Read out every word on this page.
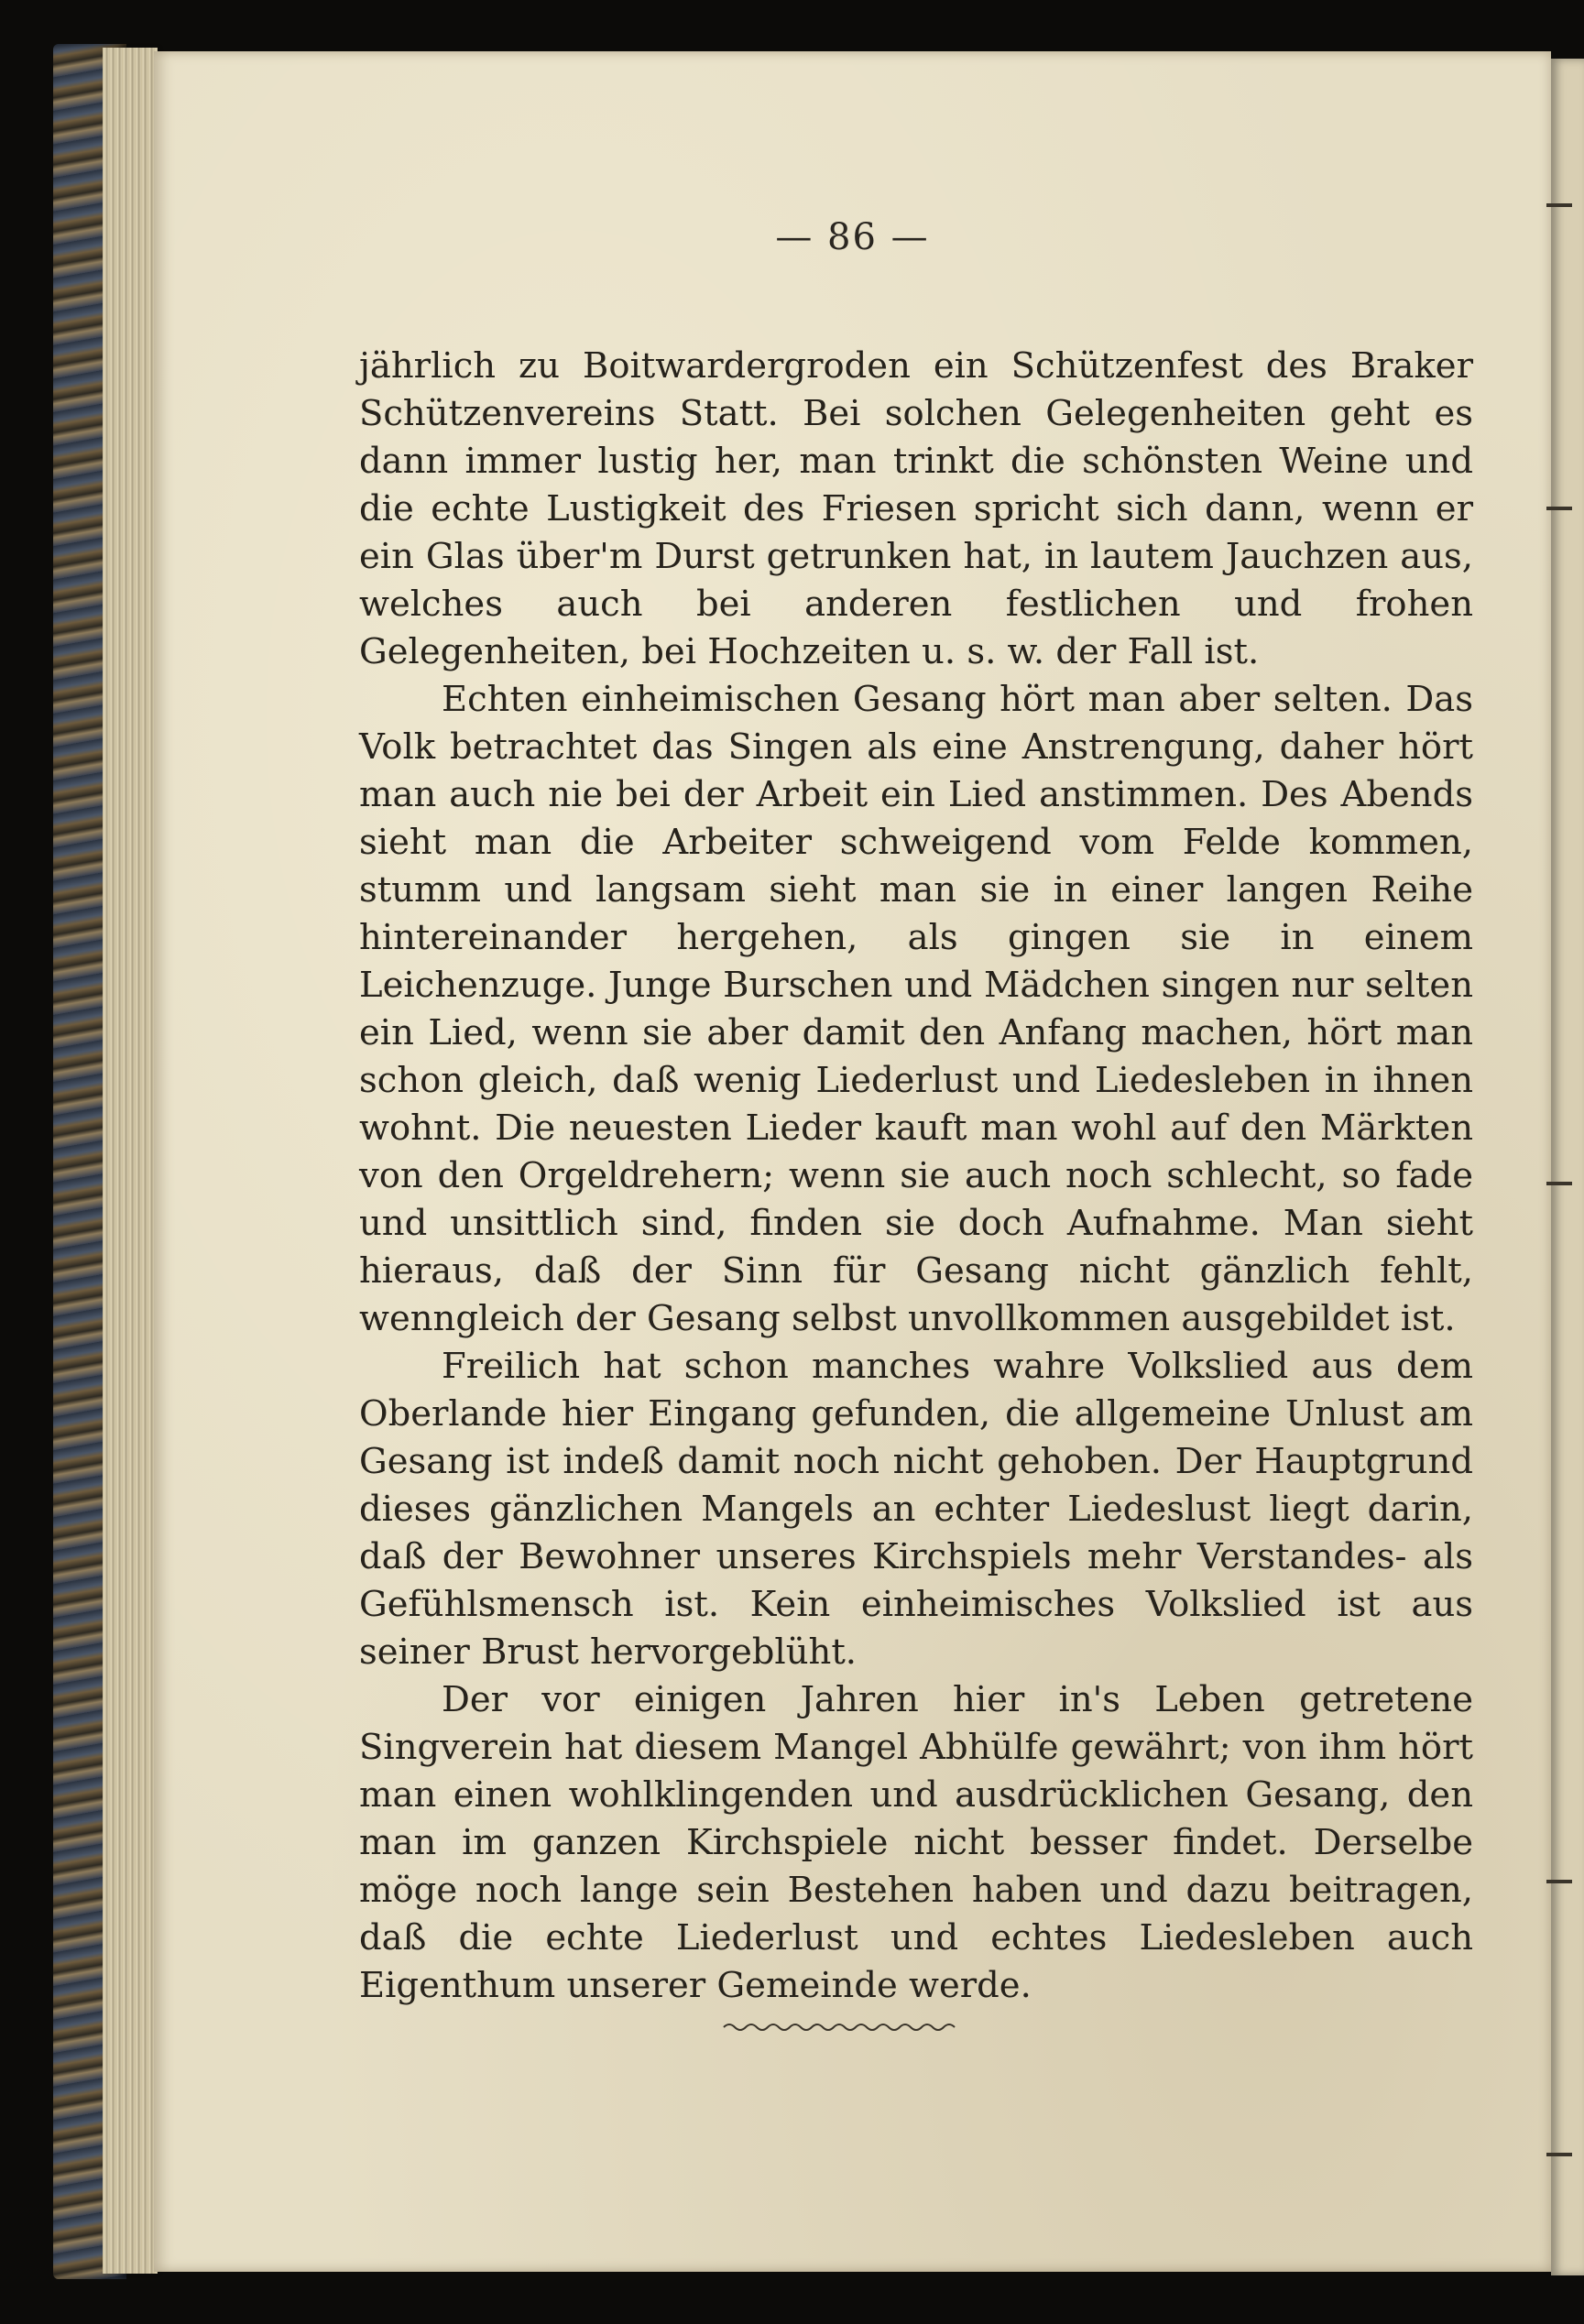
— 86 —

jährlich zu Boitwardergroden ein Schützenfest des Braker Schützenvereins Statt. Bei solchen Gelegenheiten geht es dann immer lustig her, man trinkt die schönsten Weine und die echte Lustigkeit des Friesen spricht sich dann, wenn er ein Glas über'm Durst getrunken hat, in lautem Jauchzen aus, welches auch bei anderen festlichen und frohen Gelegenheiten, bei Hochzeiten u. s. w. der Fall ist.

Echten einheimischen Gesang hört man aber selten. Das Volk betrachtet das Singen als eine Anstrengung, daher hört man auch nie bei der Arbeit ein Lied anstimmen. Des Abends sieht man die Arbeiter schweigend vom Felde kommen, stumm und langsam sieht man sie in einer langen Reihe hintereinander hergehen, als gingen sie in einem Leichenzuge. Junge Burschen und Mädchen singen nur selten ein Lied, wenn sie aber damit den Anfang machen, hört man schon gleich, daß wenig Liederlust und Liedesleben in ihnen wohnt. Die neuesten Lieder kauft man wohl auf den Märkten von den Orgeldrehern; wenn sie auch noch schlecht, so fade und unsittlich sind, finden sie doch Aufnahme. Man sieht hieraus, daß der Sinn für Gesang nicht gänzlich fehlt, wenngleich der Gesang selbst unvollkommen ausgebildet ist.

Freilich hat schon manches wahre Volkslied aus dem Oberlande hier Eingang gefunden, die allgemeine Unlust am Gesang ist indeß damit noch nicht gehoben. Der Hauptgrund dieses gänzlichen Mangels an echter Liedeslust liegt darin, daß der Bewohner unseres Kirchspiels mehr Verstandes- als Gefühlsmensch ist. Kein einheimisches Volkslied ist aus seiner Brust hervorgeblüht.

Der vor einigen Jahren hier in's Leben getretene Singverein hat diesem Mangel Abhülfe gewährt; von ihm hört man einen wohlklingenden und ausdrücklichen Gesang, den man im ganzen Kirchspiele nicht besser findet. Derselbe möge noch lange sein Bestehen haben und dazu beitragen, daß die echte Liederlust und echtes Liedesleben auch Eigenthum unserer Gemeinde werde.
